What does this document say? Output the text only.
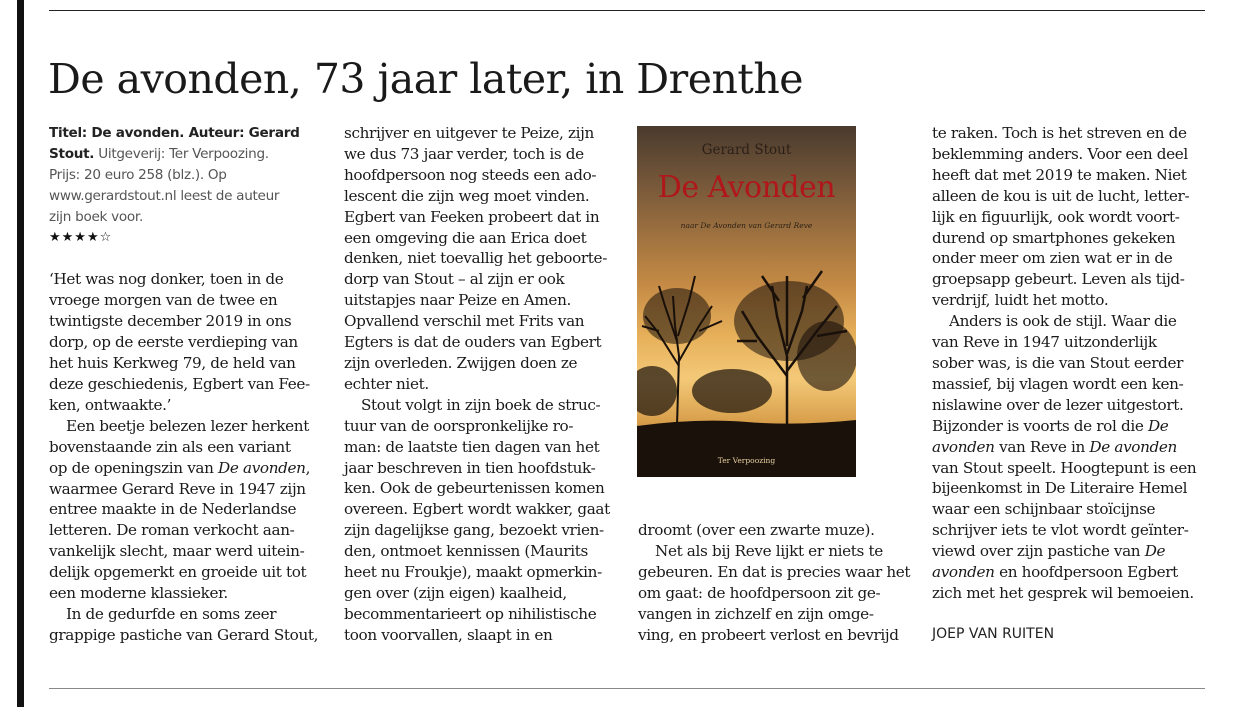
De avonden, 73 jaar later, in Drenthe
Titel: De avonden. Auteur: Gerard
Stout. Uitgeverij: Ter Verpoozing.
Prijs: 20 euro 258 (blz.). Op
www.gerardstout.nl leest de auteur
zijn boek voor.
★★★★☆

‘Het was nog donker, toen in de
vroege morgen van de twee en
twintigste december 2019 in ons
dorp, op de eerste verdieping van
het huis Kerkweg 79, de held van
deze geschiedenis, Egbert van Fee-
ken, ontwaakte.’

Een beetje belezen lezer herkent
bovenstaande zin als een variant
op de openingszin van De avonden,
waarmee Gerard Reve in 1947 zijn
entree maakte in de Nederlandse
letteren. De roman verkocht aan-
vankelijk slecht, maar werd uitein-
delijk opgemerkt en groeide uit tot
een moderne klassieker.

In de gedurfde en soms zeer
grappige pastiche van Gerard Stout,

schrijver en uitgever te Peize, zijn
we dus 73 jaar verder, toch is de
hoofdpersoon nog steeds een ado-
lescent die zijn weg moet vinden.
Egbert van Feeken probeert dat in
een omgeving die aan Erica doet
denken, niet toevallig het geboorte-
dorp van Stout – al zijn er ook
uitstapjes naar Peize en Amen.
Opvallend verschil met Frits van
Egters is dat de ouders van Egbert
zijn overleden. Zwijgen doen ze
echter niet.

Stout volgt in zijn boek de struc-
tuur van de oorspronkelijke ro-
man: de laatste tien dagen van het
jaar beschreven in tien hoofdstuk-
ken. Ook de gebeurtenissen komen
overeen. Egbert wordt wakker, gaat
zijn dagelijkse gang, bezoekt vrien-
den, ontmoet kennissen (Maurits
heet nu Froukje), maakt opmerkin-
gen over (zijn eigen) kaalheid,
becommentarieert op nihilistische
toon voorvallen, slaapt in en

Gerard Stout
De Avonden
naar De Avonden van Gerard Reve
Ter Verpoozing

droomt (over een zwarte muze).

Net als bij Reve lijkt er niets te
gebeuren. En dat is precies waar het
om gaat: de hoofdpersoon zit ge-
vangen in zichzelf en zijn omge-
ving, en probeert verlost en bevrijd

te raken. Toch is het streven en de
beklemming anders. Voor een deel
heeft dat met 2019 te maken. Niet
alleen de kou is uit de lucht, letter-
lijk en figuurlijk, ook wordt voort-
durend op smartphones gekeken
onder meer om zien wat er in de
groepsapp gebeurt. Leven als tijd-
verdrijf, luidt het motto.

Anders is ook de stijl. Waar die
van Reve in 1947 uitzonderlijk
sober was, is die van Stout eerder
massief, bij vlagen wordt een ken-
nislawine over de lezer uitgestort.
Bijzonder is voorts de rol die De
avonden van Reve in De avonden
van Stout speelt. Hoogtepunt is een
bijeenkomst in De Literaire Hemel
waar een schijnbaar stoïcijnse
schrijver iets te vlot wordt geïnter-
viewd over zijn pastiche van De
avonden en hoofdpersoon Egbert
zich met het gesprek wil bemoeien.

JOEP VAN RUITEN
